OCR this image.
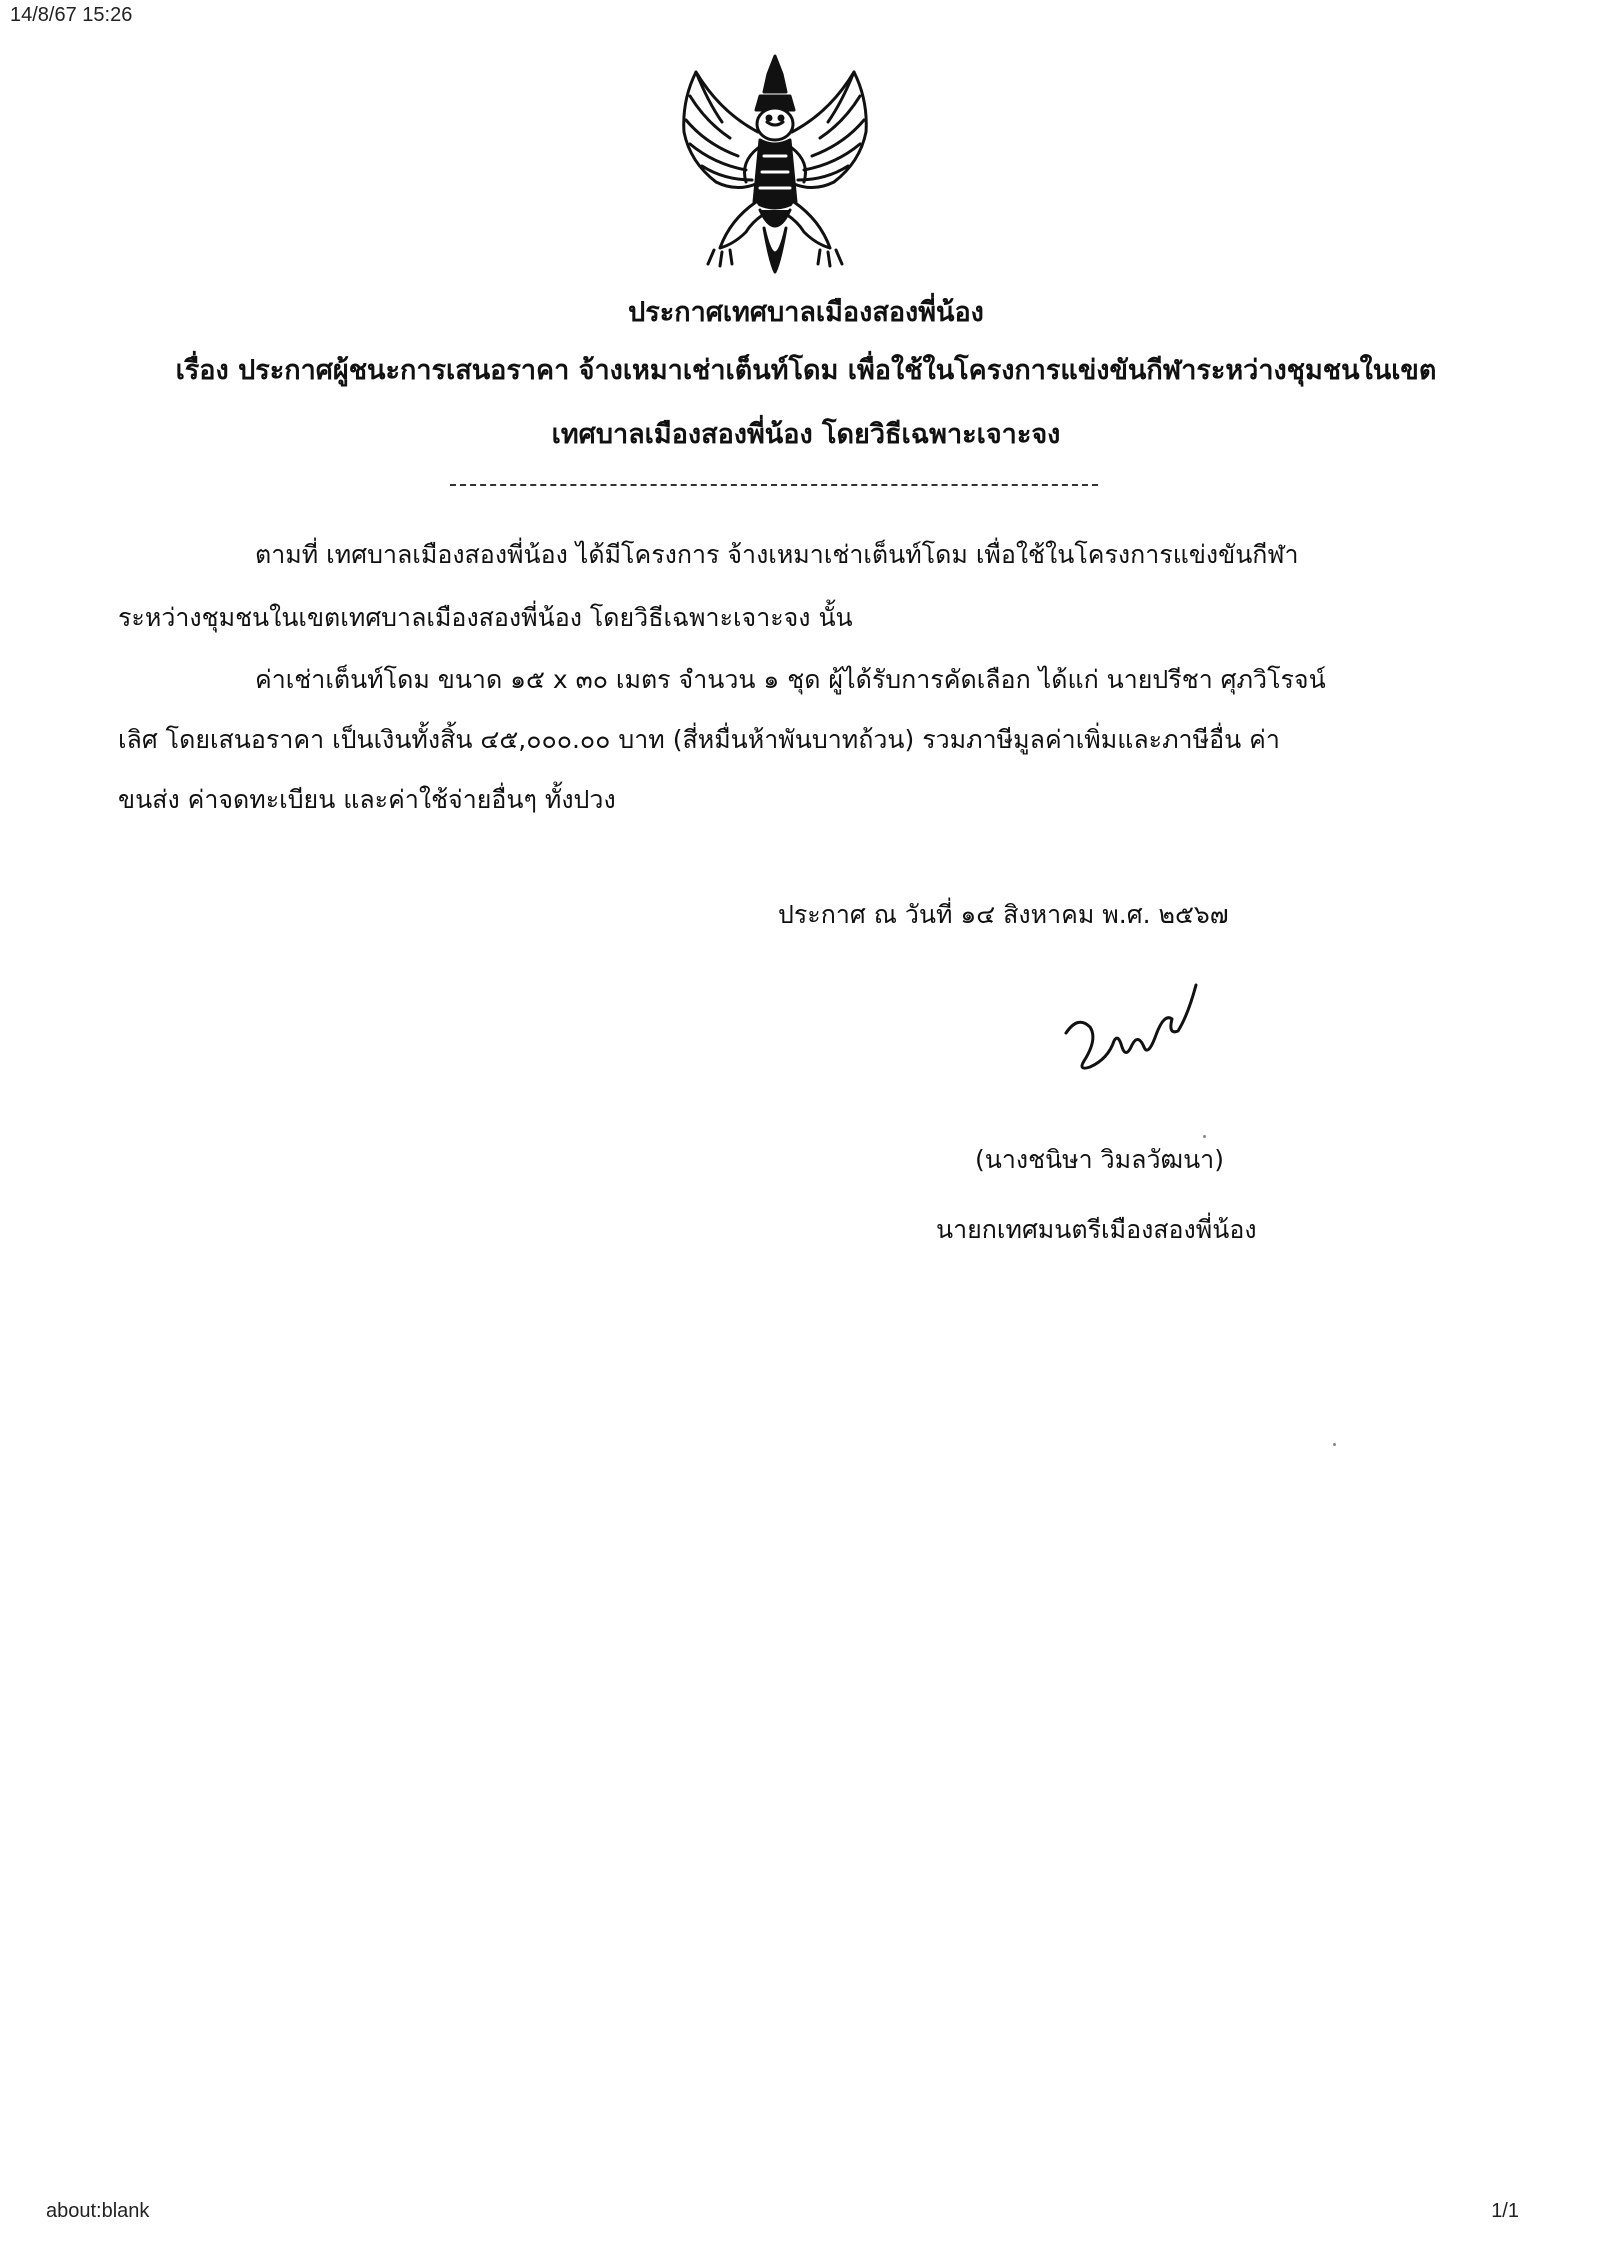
14/8/67 15:26
ประกาศเทศบาลเมืองสองพี่น้อง
เรื่อง ประกาศผู้ชนะการเสนอราคา จ้างเหมาเช่าเต็นท์โดม เพื่อใช้ในโครงการแข่งขันกีฬาระหว่างชุมชนในเขต
เทศบาลเมืองสองพี่น้อง โดยวิธีเฉพาะเจาะจง
ตามที่ เทศบาลเมืองสองพี่น้อง ได้มีโครงการ จ้างเหมาเช่าเต็นท์โดม เพื่อใช้ในโครงการแข่งขันกีฬา
ระหว่างชุมชนในเขตเทศบาลเมืองสองพี่น้อง โดยวิธีเฉพาะเจาะจง นั้น
ค่าเช่าเต็นท์โดม ขนาด ๑๕ x ๓๐ เมตร จำนวน ๑ ชุด ผู้ได้รับการคัดเลือก ได้แก่ นายปรีชา ศุภวิโรจน์
เลิศ โดยเสนอราคา เป็นเงินทั้งสิ้น ๔๕,๐๐๐.๐๐ บาท (สี่หมื่นห้าพันบาทถ้วน) รวมภาษีมูลค่าเพิ่มและภาษีอื่น ค่า
ขนส่ง ค่าจดทะเบียน และค่าใช้จ่ายอื่นๆ ทั้งปวง
ประกาศ ณ วันที่ ๑๔ สิงหาคม พ.ศ. ๒๕๖๗
(นางชนิษา วิมลวัฒนา)
นายกเทศมนตรีเมืองสองพี่น้อง
about:blank	1/1
